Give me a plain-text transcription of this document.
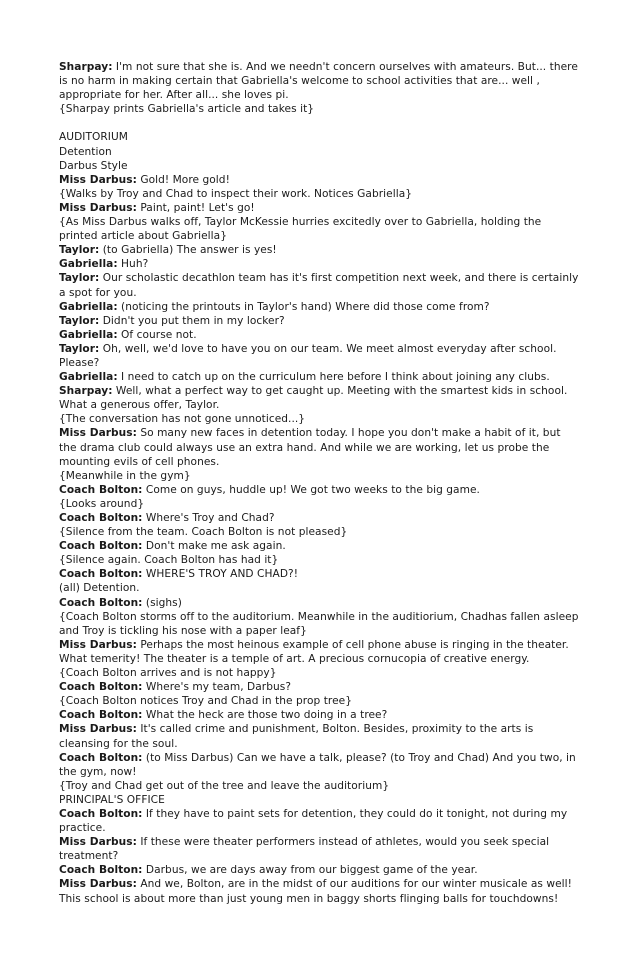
Sharpay: I'm not sure that she is. And we needn't concern ourselves with amateurs. But... there is no harm in making certain that Gabriella's welcome to school activities that are... well , appropriate for her. After all... she loves pi.

{Sharpay prints Gabriella's article and takes it}

AUDITORIUM

Detention

Darbus Style

Miss Darbus: Gold! More gold!

{Walks by Troy and Chad to inspect their work. Notices Gabriella}

Miss Darbus: Paint, paint! Let's go!

{As Miss Darbus walks off, Taylor McKessie hurries excitedly over to Gabriella, holding the printed article about Gabriella}

Taylor: (to Gabriella) The answer is yes!

Gabriella: Huh?

Taylor: Our scholastic decathlon team has it's first competition next week, and there is certainly a spot for you.

Gabriella: (noticing the printouts in Taylor's hand) Where did those come from?

Taylor: Didn't you put them in my locker?

Gabriella: Of course not.

Taylor: Oh, well, we'd love to have you on our team. We meet almost everyday after school. Please?

Gabriella: I need to catch up on the curriculum here before I think about joining any clubs.

Sharpay: Well, what a perfect way to get caught up. Meeting with the smartest kids in school. What a generous offer, Taylor.

{The conversation has not gone unnoticed...}

Miss Darbus: So many new faces in detention today. I hope you don't make a habit of it, but the drama club could always use an extra hand. And while we are working, let us probe the mounting evils of cell phones.

{Meanwhile in the gym}

Coach Bolton: Come on guys, huddle up! We got two weeks to the big game.

{Looks around}

Coach Bolton: Where's Troy and Chad?

{Silence from the team. Coach Bolton is not pleased}

Coach Bolton: Don't make me ask again.

{Silence again. Coach Bolton has had it}

Coach Bolton: WHERE'S TROY AND CHAD?!

(all) Detention.

Coach Bolton: (sighs)

{Coach Bolton storms off to the auditorium. Meanwhile in the auditiorium, Chadhas fallen asleep and Troy is tickling his nose with a paper leaf}

Miss Darbus: Perhaps the most heinous example of cell phone abuse is ringing in the theater. What temerity! The theater is a temple of art. A precious cornucopia of creative energy.

{Coach Bolton arrives and is not happy}

Coach Bolton: Where's my team, Darbus?

{Coach Bolton notices Troy and Chad in the prop tree}

Coach Bolton: What the heck are those two doing in a tree?

Miss Darbus: It's called crime and punishment, Bolton. Besides, proximity to the arts is cleansing for the soul.

Coach Bolton: (to Miss Darbus) Can we have a talk, please? (to Troy and Chad) And you two, in the gym, now!

{Troy and Chad get out of the tree and leave the auditorium}

PRINCIPAL'S OFFICE

Coach Bolton: If they have to paint sets for detention, they could do it tonight, not during my practice.

Miss Darbus: If these were theater performers instead of athletes, would you seek special treatment?

Coach Bolton: Darbus, we are days away from our biggest game of the year.

Miss Darbus: And we, Bolton, are in the midst of our auditions for our winter musicale as well! This school is about more than just young men in baggy shorts flinging balls for touchdowns!
